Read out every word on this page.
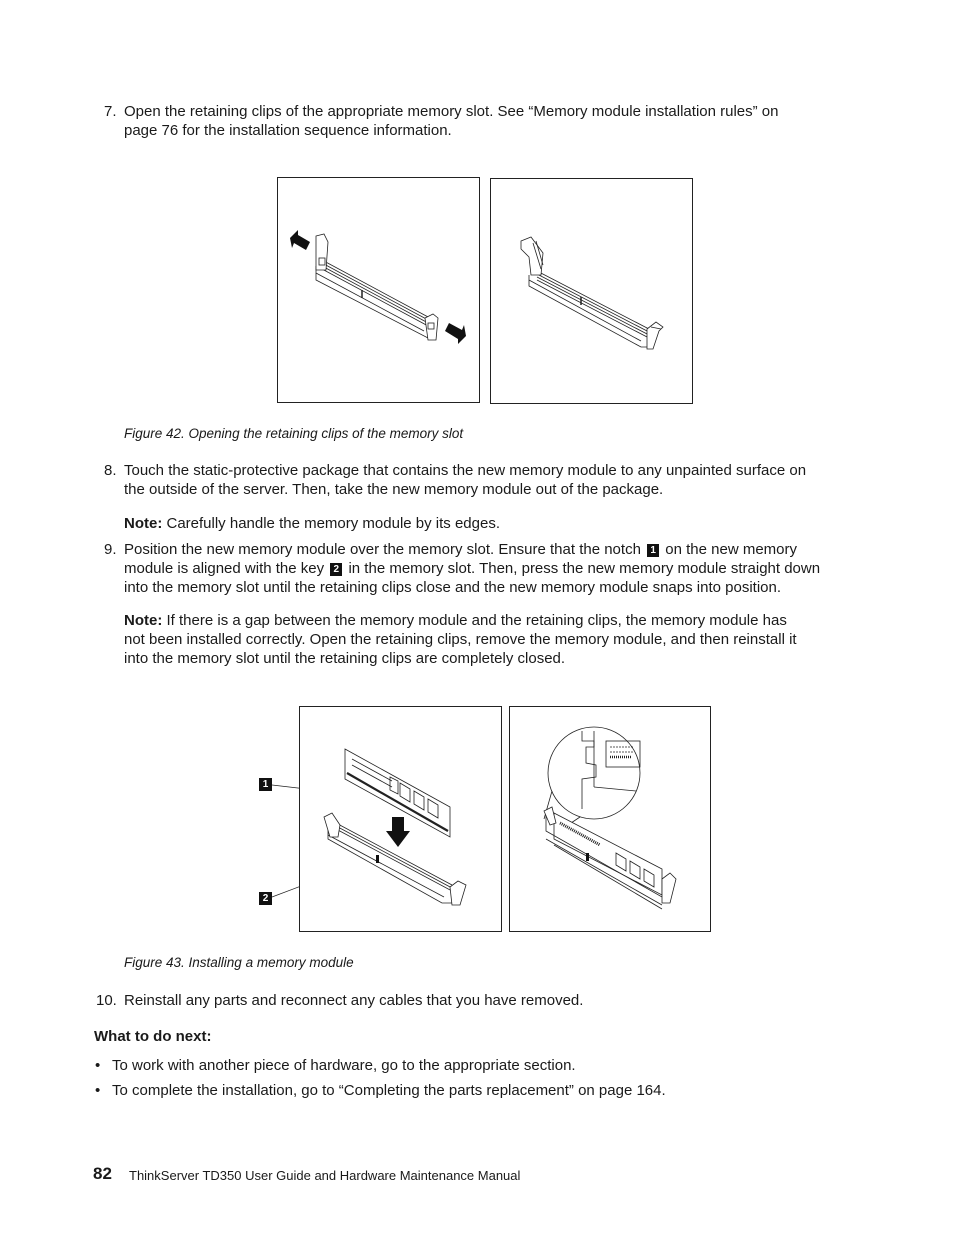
7. Open the retaining clips of the appropriate memory slot. See “Memory module installation rules” on
page 76 for the installation sequence information.
Figure 42. Opening the retaining clips of the memory slot
8. Touch the static-protective package that contains the new memory module to any unpainted surface on
the outside of the server. Then, take the new memory module out of the package.
Note: Carefully handle the memory module by its edges.
9. Position the new memory module over the memory slot. Ensure that the notch 1 on the new memory
module is aligned with the key 2 in the memory slot. Then, press the new memory module straight down
into the memory slot until the retaining clips close and the new memory module snaps into position.
Note: If there is a gap between the memory module and the retaining clips, the memory module has
not been installed correctly. Open the retaining clips, remove the memory module, and then reinstall it
into the memory slot until the retaining clips are completely closed.
1
2
Figure 43. Installing a memory module
10. Reinstall any parts and reconnect any cables that you have removed.
What to do next:
• To work with another piece of hardware, go to the appropriate section.
• To complete the installation, go to “Completing the parts replacement” on page 164.
82 ThinkServer TD350 User Guide and Hardware Maintenance Manual
